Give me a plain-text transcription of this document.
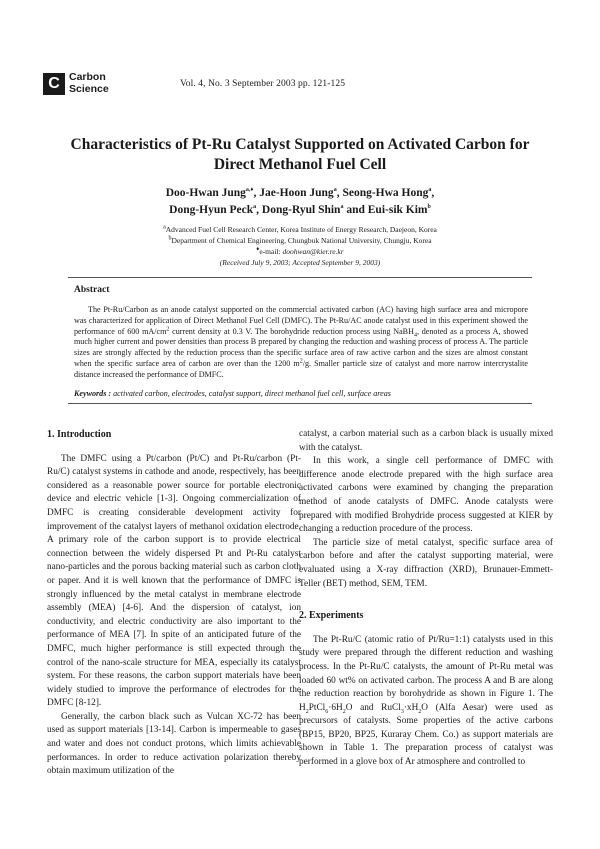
C Carbon
Science	Vol. 4, No. 3 September 2003 pp. 121-125
Characteristics of Pt-Ru Catalyst Supported on Activated Carbon for
Direct Methanol Fuel Cell
Doo-Hwan Jung$^{a,♦}$, Jae-Hoon Jung$^a$, Seong-Hwa Hong$^a$,
Dong-Hyun Peck$^a$, Dong-Ryul Shin$^a$ and Eui-sik Kim$^b$
$^a$Advanced Fuel Cell Research Center, Korea Institute of Energy Research, Daejeon, Korea
$^b$Department of Chemical Engineering, Chungbuk National University, Chungju, Korea
♦e-mail: doohwan@kier.re.kr
(Received July 9, 2003; Accepted September 9, 2003)
Abstract
The Pt-Ru/Carbon as an anode catalyst supported on the commercial activated carbon (AC) having high surface area and micropore was characterized for application of Direct Methanol Fuel Cell (DMFC). The Pt-Ru/AC anode catalyst used in this experiment showed the performance of 600 $mA/cm^2$ current density at 0.3 V. The borohydride reduction process using NaBH$_4$, denoted as a process A, showed much higher current and power densities than process B prepared by changing the reduction and washing process of process A. The particle sizes are strongly affected by the reduction process than the specific surface area of raw active carbon and the sizes are almost constant when the specific surface area of carbon are over than the 1200 $m^2/g$. Smaller particle size of catalyst and more narrow intercrystalite distance increased the performance of DMFC.
Keywords : activated carbon, electrodes, catalyst support, direct methanol fuel cell, surface areas
1. Introduction

The DMFC using a Pt/carbon (Pt/C) and Pt-Ru/carbon (Pt-Ru/C) catalyst systems in cathode and anode, respectively, has been considered as a reasonable power source for portable electronic device and electric vehicle [1-3]. Ongoing commercialization of DMFC is creating considerable development activity for improvement of the catalyst layers of methanol oxidation electrode. A primary role of the carbon support is to provide electrical connection between the widely dispersed Pt and Pt-Ru catalyst nano-particles and the porous backing material such as carbon cloth or paper. And it is well known that the performance of DMFC is strongly influenced by the metal catalyst in membrane electrode assembly (MEA) [4-6]. And the dispersion of catalyst, ion conductivity, and electric conductivity are also important to the performance of MEA [7]. In spite of an anticipated future of the DMFC, much higher performance is still expected through the control of the nano-scale structure for MEA, especially its catalyst system. For these reasons, the carbon support materials have been widely studied to improve the performance of electrodes for the DMFC [8-12].

Generally, the carbon black such as Vulcan XC-72 has been used as support materials [13-14]. Carbon is impermeable to gases and water and does not conduct protons, which limits achievable performances. In order to reduce activation polarization thereby obtain maximum utilization of the

catalyst, a carbon material such as a carbon black is usually mixed with the catalyst.

In this work, a single cell performance of DMFC with difference anode electrode prepared with the high surface area activated carbons were examined by changing the preparation method of anode catalysts of DMFC. Anode catalysts were prepared with modified Brohydride process suggested at KIER by changing a reduction procedure of the process.

The particle size of metal catalyst, specific surface area of carbon before and after the catalyst supporting material, were evaluated using a X-ray diffraction (XRD), Brunauer-Emmett-Teller (BET) method, SEM, TEM.

2. Experiments

The Pt-Ru/C (atomic ratio of Pt/Ru=1:1) catalysts used in this study were prepared through the different reduction and washing process. In the Pt-Ru/C catalysts, the amount of Pt-Ru metal was loaded 60 wt% on activated carbon. The process A and B are along the reduction reaction by borohydride as shown in Figure 1. The $H_2PtCl_6\cdot 6H_2O$ and $RuCl_3\cdot xH_2O$ (Alfa Aesar) were used as precursors of catalysts. Some properties of the active carbons (BP15, BP20, BP25, Kuraray Chem. Co.) as support materials are shown in Table 1. The preparation process of catalyst was performed in a glove box of Ar atmosphere and controlled to
